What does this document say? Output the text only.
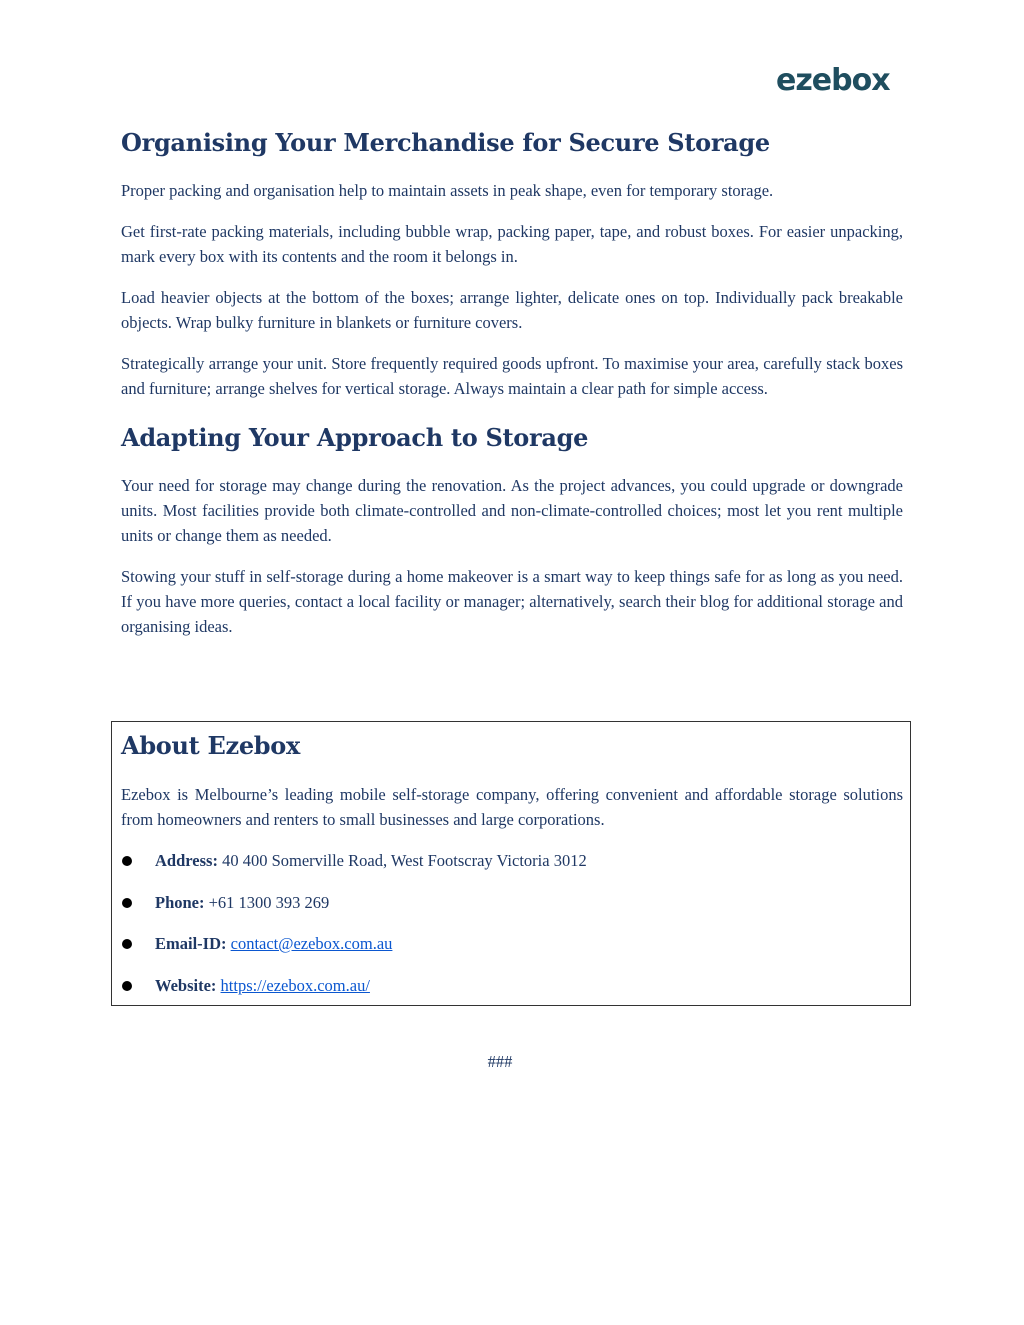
ezebox
Organising Your Merchandise for Secure Storage

Proper packing and organisation help to maintain assets in peak shape, even for temporary storage.

Get first-rate packing materials, including bubble wrap, packing paper, tape, and robust boxes. For easier unpacking, mark every box with its contents and the room it belongs in.

Load heavier objects at the bottom of the boxes; arrange lighter, delicate ones on top. Individually pack breakable objects. Wrap bulky furniture in blankets or furniture covers.

Strategically arrange your unit. Store frequently required goods upfront. To maximise your area, carefully stack boxes and furniture; arrange shelves for vertical storage. Always maintain a clear path for simple access.

Adapting Your Approach to Storage

Your need for storage may change during the renovation. As the project advances, you could upgrade or downgrade units. Most facilities provide both climate-controlled and non-climate-controlled choices; most let you rent multiple units or change them as needed.

Stowing your stuff in self-storage during a home makeover is a smart way to keep things safe for as long as you need. If you have more queries, contact a local facility or manager; alternatively, search their blog for additional storage and organising ideas.

About Ezebox

Ezebox is Melbourne’s leading mobile self-storage company, offering convenient and affordable storage solutions from homeowners and renters to small businesses and large corporations.

Address: 40 400 Somerville Road, West Footscray Victoria 3012
Phone: +61 1300 393 269
Email-ID: contact@ezebox.com.au
Website: https://ezebox.com.au/
###
